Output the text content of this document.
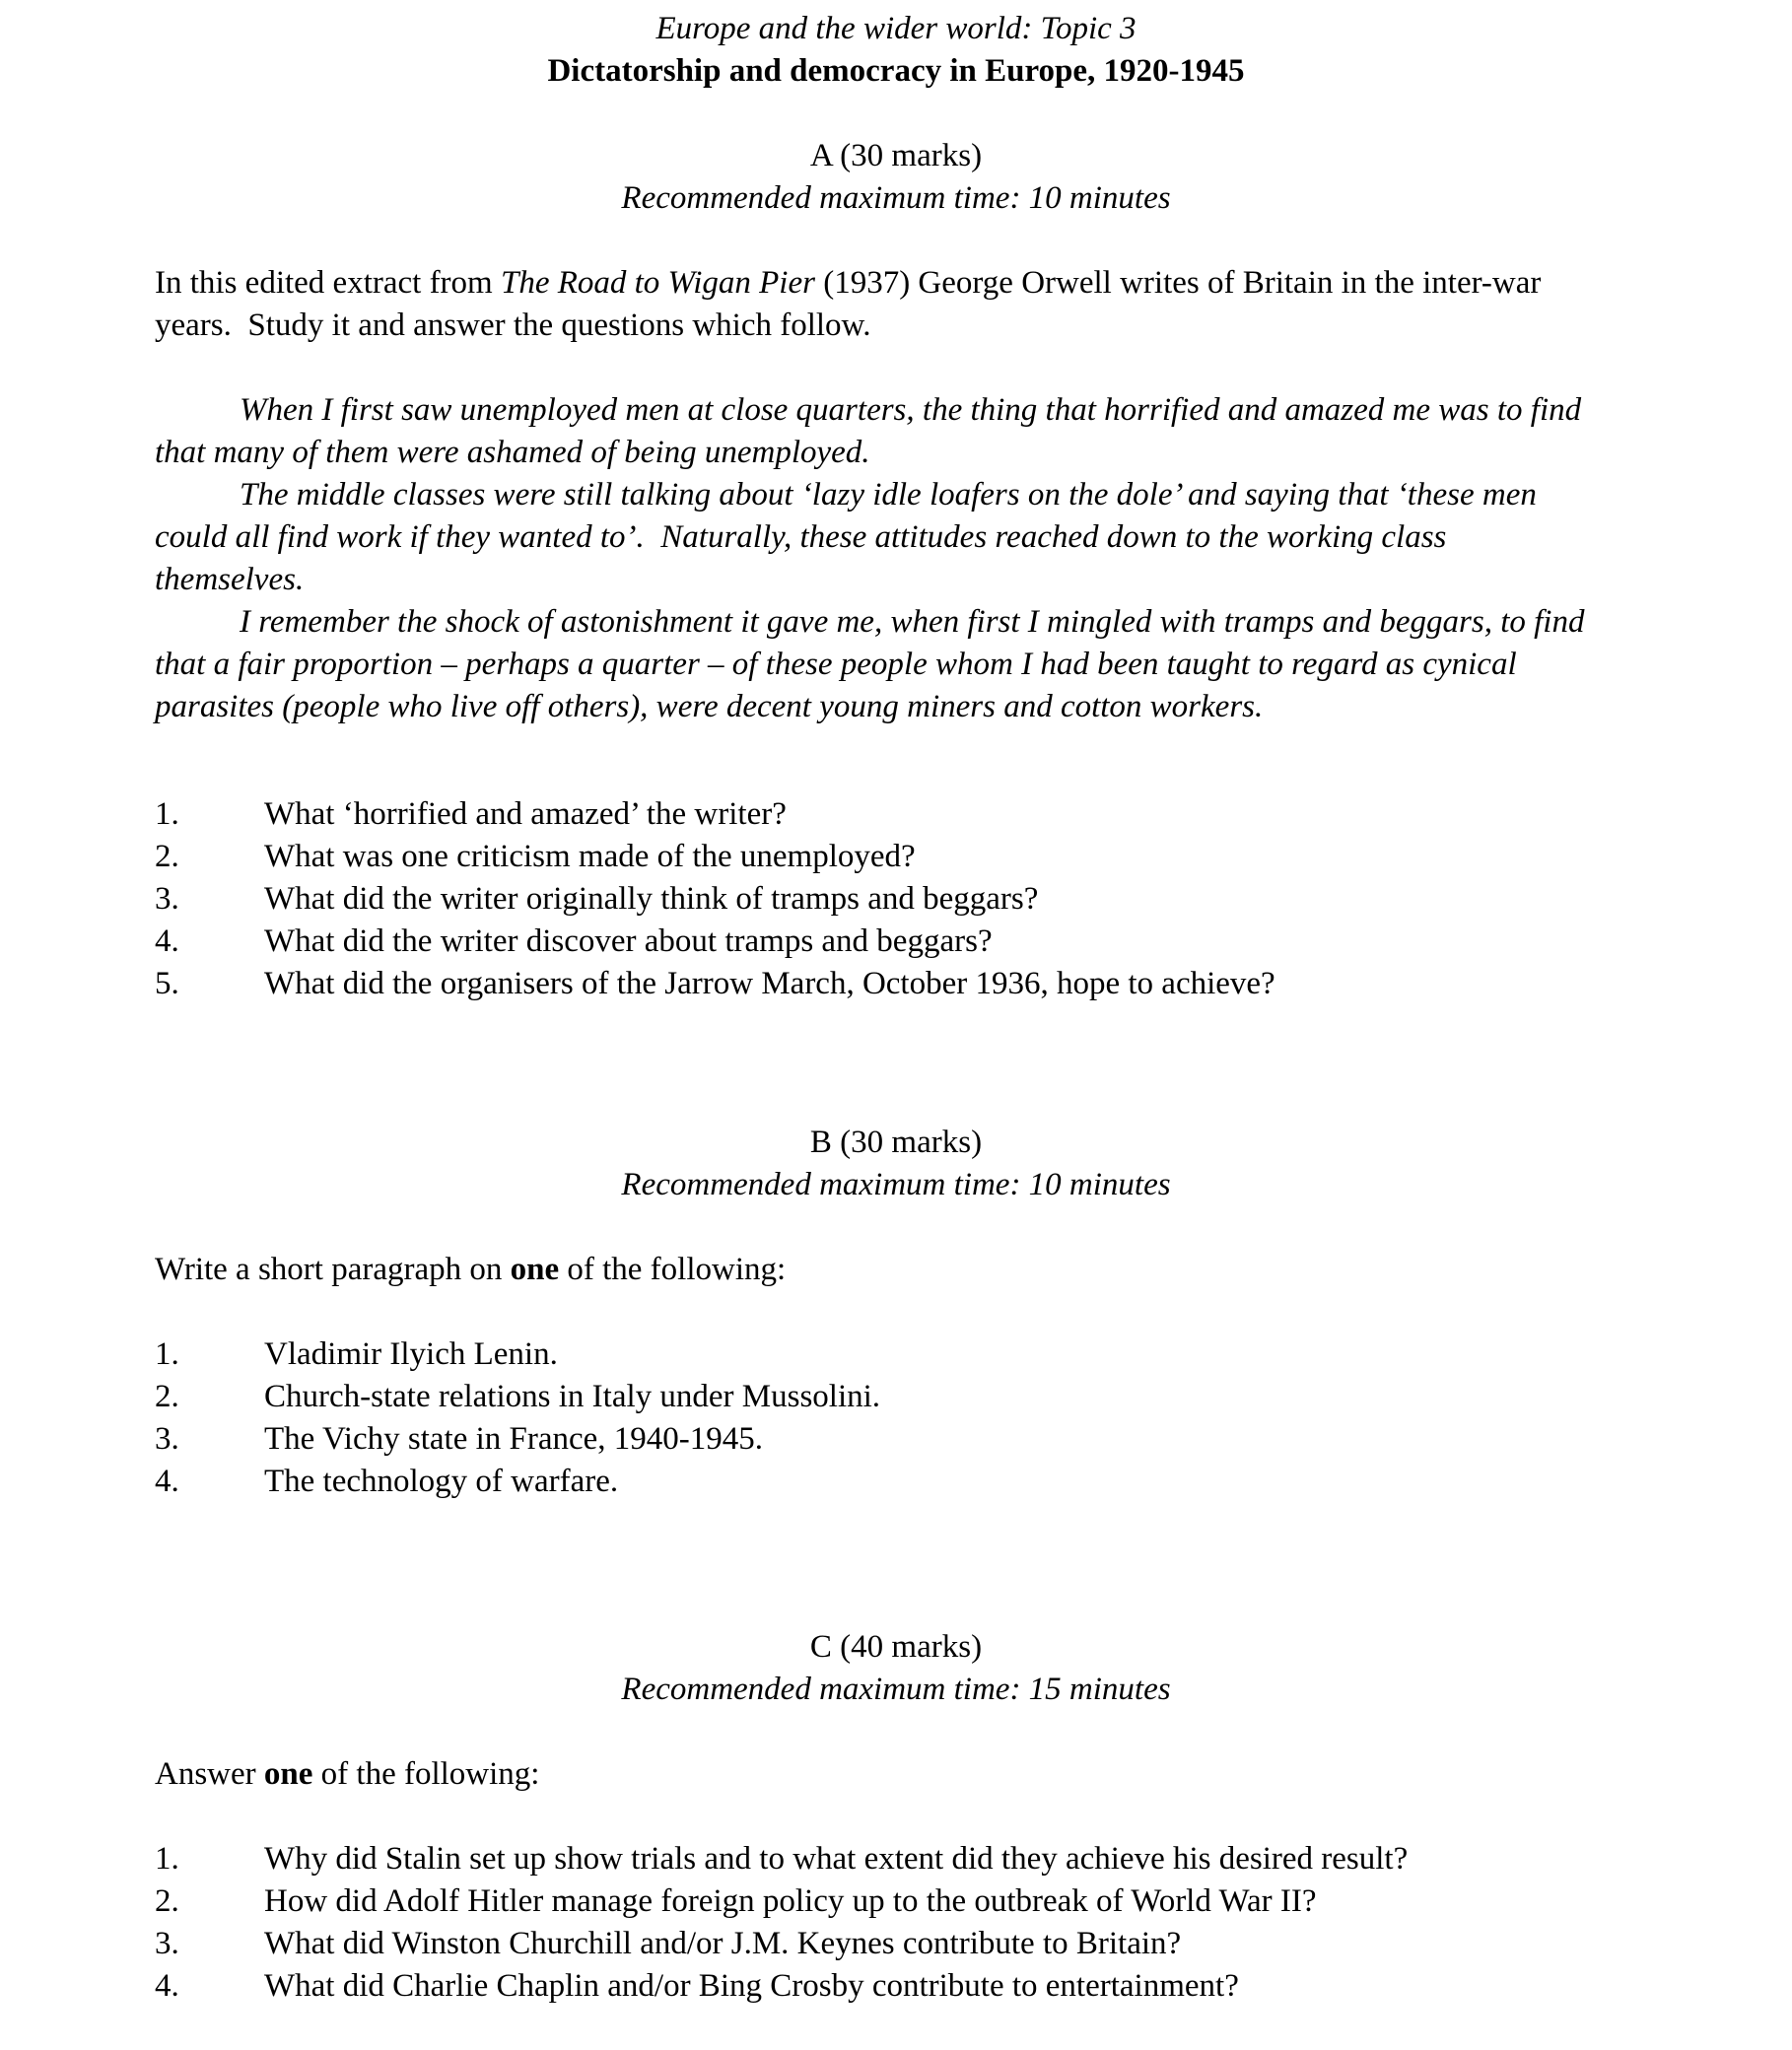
Europe and the wider world: Topic 3

Dictatorship and democracy in Europe, 1920-1945

A (30 marks)

Recommended maximum time: 10 minutes

In this edited extract from The Road to Wigan Pier (1937) George Orwell writes of Britain in the inter-war years.  Study it and answer the questions which follow.

When I first saw unemployed men at close quarters, the thing that horrified and amazed me was to find that many of them were ashamed of being unemployed.

The middle classes were still talking about ‘lazy idle loafers on the dole’ and saying that ‘these men could all find work if they wanted to’.  Naturally, these attitudes reached down to the working class themselves.

I remember the shock of astonishment it gave me, when first I mingled with tramps and beggars, to find that a fair proportion – perhaps a quarter – of these people whom I had been taught to regard as cynical parasites (people who live off others), were decent young miners and cotton workers.

1.	What ‘horrified and amazed’ the writer?
2.	What was one criticism made of the unemployed?
3.	What did the writer originally think of tramps and beggars?
4.	What did the writer discover about tramps and beggars?
5.	What did the organisers of the Jarrow March, October 1936, hope to achieve?

B (30 marks)

Recommended maximum time: 10 minutes

Write a short paragraph on one of the following:

1.	Vladimir Ilyich Lenin.
2.	Church-state relations in Italy under Mussolini.
3.	The Vichy state in France, 1940-1945.
4.	The technology of warfare.

C (40 marks)

Recommended maximum time: 15 minutes

Answer one of the following:

1.	Why did Stalin set up show trials and to what extent did they achieve his desired result?
2.	How did Adolf Hitler manage foreign policy up to the outbreak of World War II?
3.	What did Winston Churchill and/or J.M. Keynes contribute to Britain?
4.	What did Charlie Chaplin and/or Bing Crosby contribute to entertainment?
